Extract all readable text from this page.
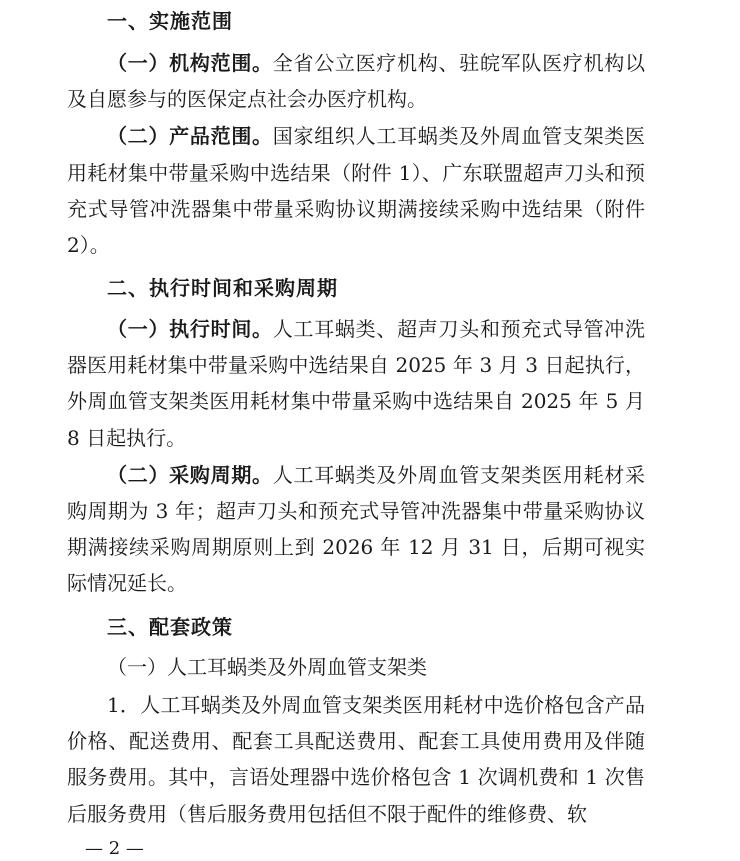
一、实施范围

（一）机构范围。全省公立医疗机构、驻皖军队医疗机构以及自愿参与的医保定点社会办医疗机构。

（二）产品范围。国家组织人工耳蜗类及外周血管支架类医用耗材集中带量采购中选结果（附件 1）、广东联盟超声刀头和预充式导管冲洗器集中带量采购协议期满接续采购中选结果（附件 2）。

二、执行时间和采购周期

（一）执行时间。人工耳蜗类、超声刀头和预充式导管冲洗器医用耗材集中带量采购中选结果自 2025 年 3 月 3 日起执行，外周血管支架类医用耗材集中带量采购中选结果自 2025 年 5 月 8 日起执行。

（二）采购周期。人工耳蜗类及外周血管支架类医用耗材采购周期为 3 年；超声刀头和预充式导管冲洗器集中带量采购协议期满接续采购周期原则上到 2026 年 12 月 31 日，后期可视实际情况延长。

三、配套政策

（一）人工耳蜗类及外周血管支架类

1．人工耳蜗类及外周血管支架类医用耗材中选价格包含产品价格、配送费用、配套工具配送费用、配套工具使用费用及伴随服务费用。其中，言语处理器中选价格包含 1 次调机费和 1 次售后服务费用（售后服务费用包括但不限于配件的维修费、软

— 2 —
